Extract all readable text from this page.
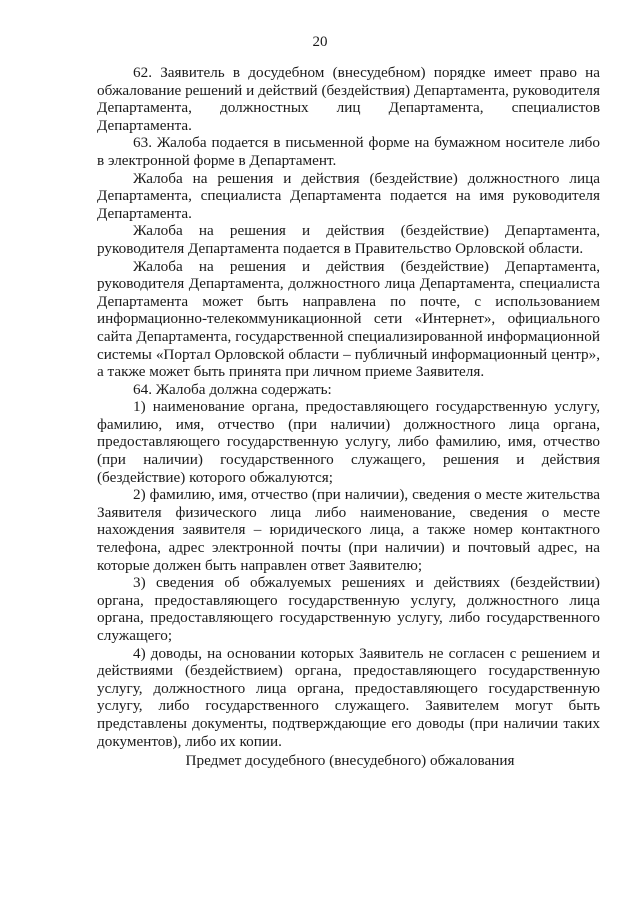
20

62. Заявитель в досудебном (внесудебном) порядке имеет право на обжалование решений и действий (бездействия) Департамента, руководителя Департамента, должностных лиц Департамента, специалистов Департамента.

63. Жалоба подается в письменной форме на бумажном носителе либо в электронной форме в Департамент.

Жалоба на решения и действия (бездействие) должностного лица Департамента, специалиста Департамента подается на имя руководителя Департамента.

Жалоба на решения и действия (бездействие) Департамента, руководителя Департамента подается в Правительство Орловской области.

Жалоба на решения и действия (бездействие) Департамента, руководителя Департамента, должностного лица Департамента, специалиста Департамента может быть направлена по почте, с использованием информационно-телекоммуникационной сети «Интернет», официального сайта Департамента, государственной специализированной информационной системы «Портал Орловской области – публичный информационный центр», а также может быть принята при личном приеме Заявителя.

64. Жалоба должна содержать:

1) наименование органа, предоставляющего государственную услугу, фамилию, имя, отчество (при наличии) должностного лица органа, предоставляющего государственную услугу, либо фамилию, имя, отчество (при наличии) государственного служащего, решения и действия (бездействие) которого обжалуются;

2) фамилию, имя, отчество (при наличии), сведения о месте жительства Заявителя физического лица либо наименование, сведения о месте нахождения заявителя – юридического лица, а также номер контактного телефона, адрес электронной почты (при наличии) и почтовый адрес, на которые должен быть направлен ответ Заявителю;

3) сведения об обжалуемых решениях и действиях (бездействии) органа, предоставляющего государственную услугу, должностного лица органа, предоставляющего государственную услугу, либо государственного служащего;

4) доводы, на основании которых Заявитель не согласен с решением и действиями (бездействием) органа, предоставляющего государственную услугу, должностного лица органа, предоставляющего государственную услугу, либо государственного служащего. Заявителем могут быть представлены документы, подтверждающие его доводы (при наличии таких документов), либо их копии.

Предмет досудебного (внесудебного) обжалования
